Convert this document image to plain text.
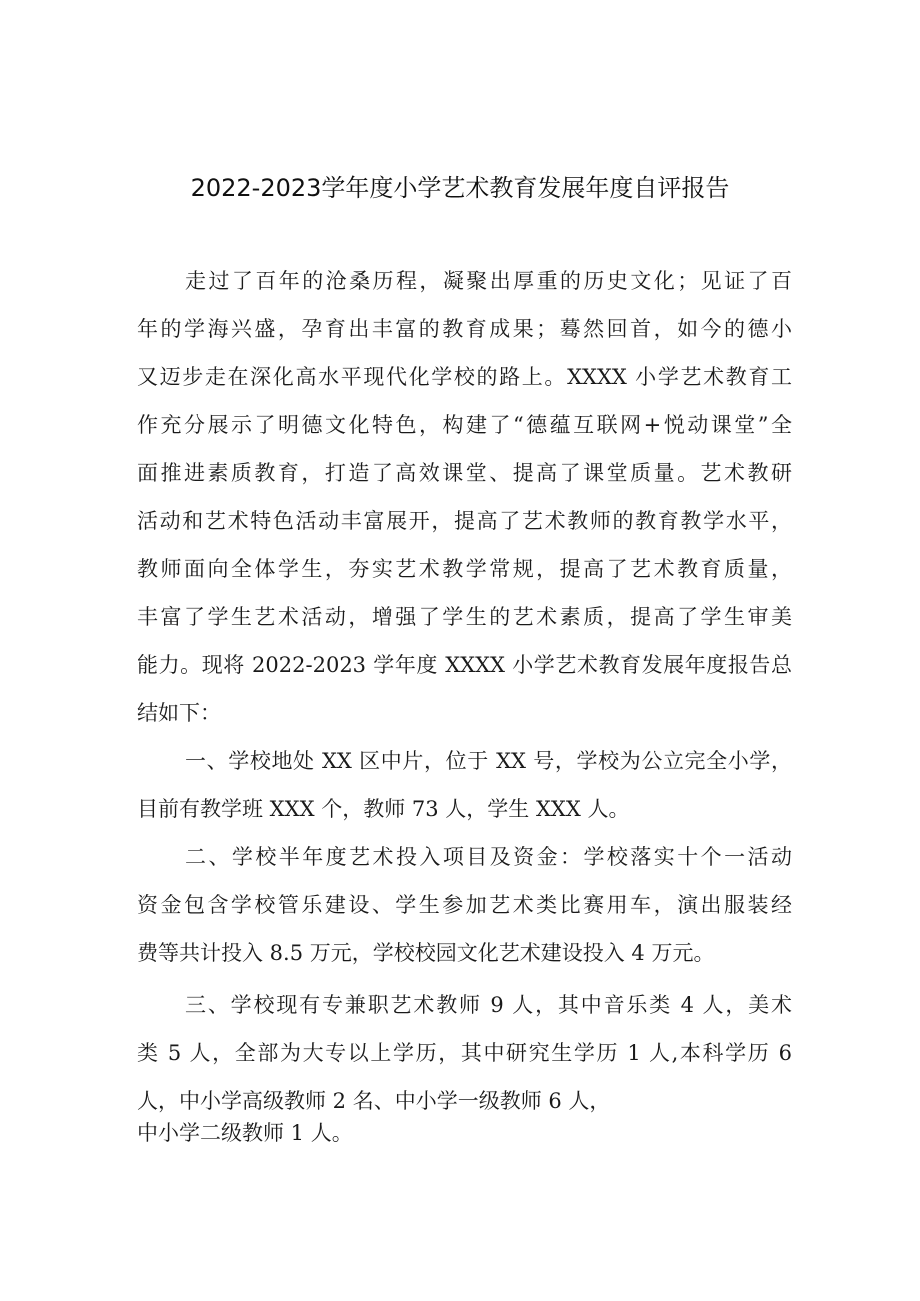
2022-2023学年度小学艺术教育发展年度自评报告
走过了百年的沧桑历程，凝聚出厚重的历史文化；见证了百
年的学海兴盛，孕育出丰富的教育成果；蓦然回首，如今的德小
又迈步走在深化高水平现代化学校的路上。XXXX 小学艺术教育工
作充分展示了明德文化特色，构建了“德蕴互联网+悦动课堂”全
面推进素质教育，打造了高效课堂、提高了课堂质量。艺术教研
活动和艺术特色活动丰富展开，提高了艺术教师的教育教学水平，
教师面向全体学生，夯实艺术教学常规，提高了艺术教育质量，
丰富了学生艺术活动，增强了学生的艺术素质，提高了学生审美
能力。现将 2022-2023 学年度 XXXX 小学艺术教育发展年度报告总
结如下：
一、学校地处 XX 区中片，位于 XX 号，学校为公立完全小学，
目前有教学班 XXX 个，教师 73 人，学生 XXX 人。
二、学校半年度艺术投入项目及资金：学校落实十个一活动
资金包含学校管乐建设、学生参加艺术类比赛用车，演出服装经
费等共计投入 8.5 万元，学校校园文化艺术建设投入 4 万元。
三、学校现有专兼职艺术教师 9 人，其中音乐类 4 人，美术
类 5 人，全部为大专以上学历，其中研究生学历 1 人,本科学历 6
人，中小学高级教师 2 名、中小学一级教师 6 人，
中小学二级教师 1 人。
